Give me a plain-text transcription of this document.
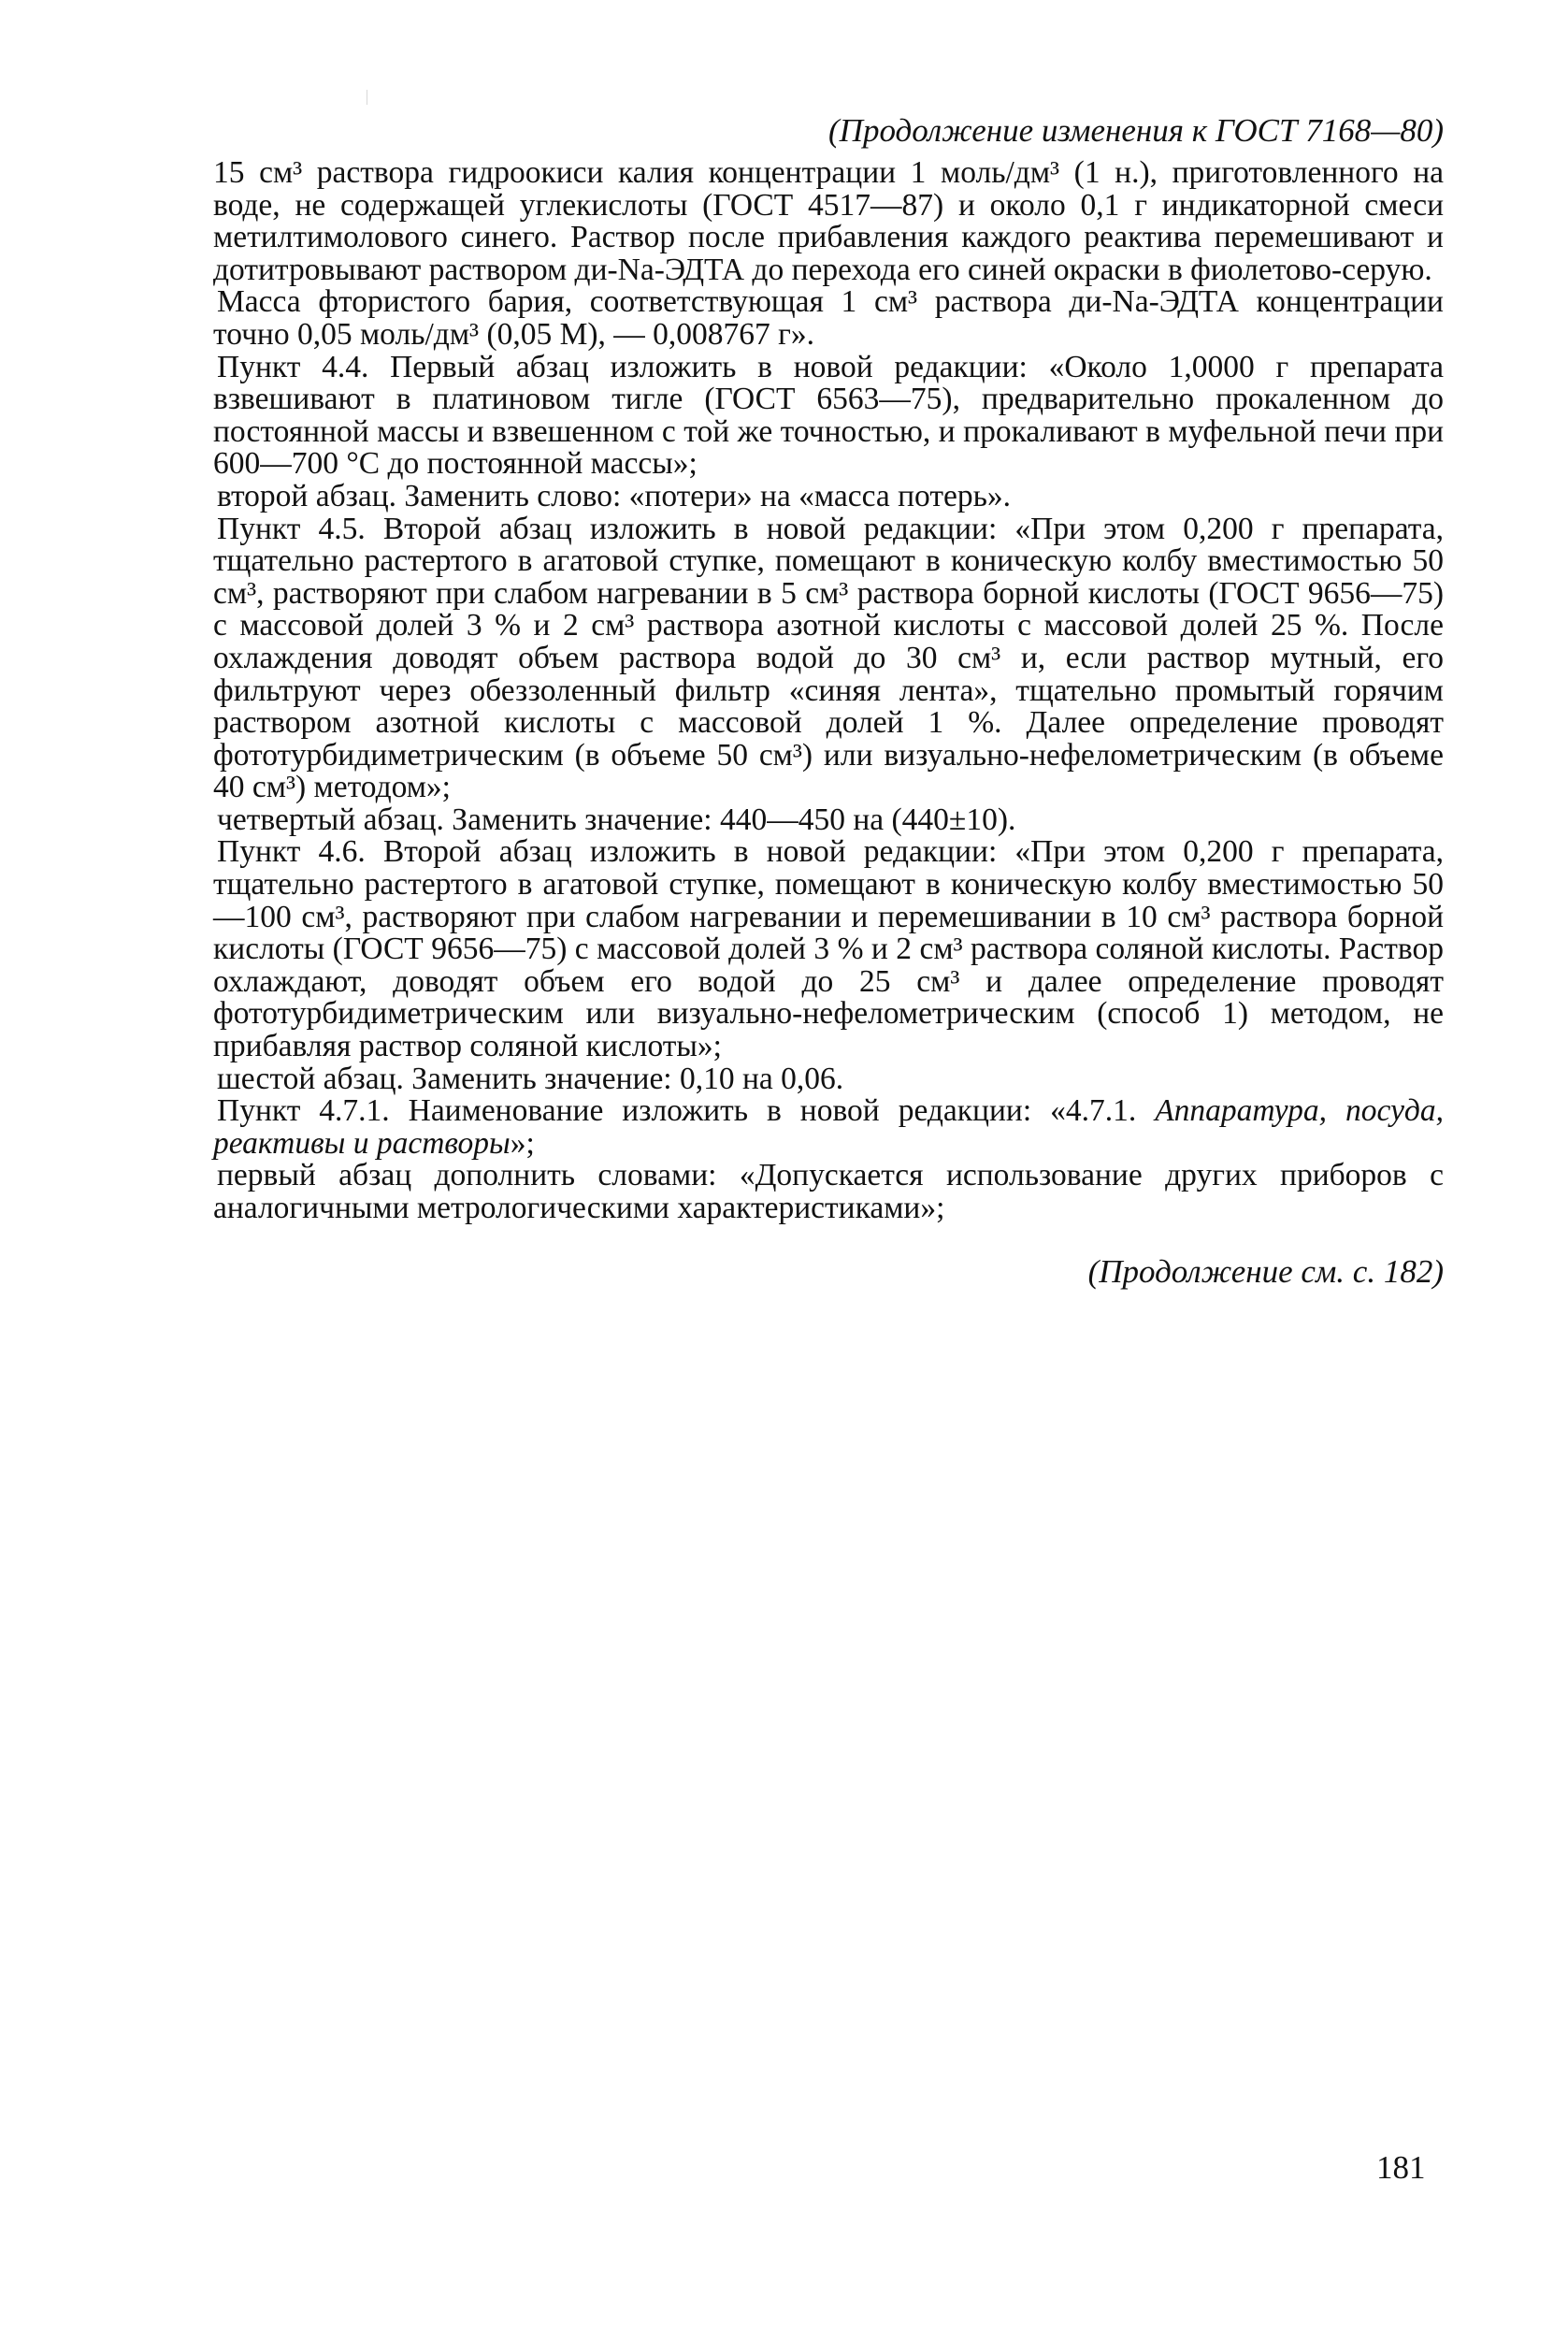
(Продолжение изменения к ГОСТ 7168—80)

15 см³ раствора гидроокиси калия концентрации 1 моль/дм³ (1 н.), приготовленного на воде, не содержащей углекислоты (ГОСТ 4517—87) и около 0,1 г индикаторной смеси метилтимолового синего. Раствор после прибавления каждого реактива перемешивают и дотитровывают раствором ди-Na-ЭДТА до перехода его синей окраски в фиолетово-серую.

Масса фтористого бария, соответствующая 1 см³ раствора ди-Na-ЭДТА концентрации точно 0,05 моль/дм³ (0,05 М), — 0,008767 г».

Пункт 4.4. Первый абзац изложить в новой редакции: «Около 1,0000 г препарата взвешивают в платиновом тигле (ГОСТ 6563—75), предварительно прокаленном до постоянной массы и взвешенном с той же точностью, и прокаливают в муфельной печи при 600—700 °С до постоянной массы»;

второй абзац. Заменить слово: «потери» на «масса потерь».

Пункт 4.5. Второй абзац изложить в новой редакции: «При этом 0,200 г препарата, тщательно растертого в агатовой ступке, помещают в коническую колбу вместимостью 50 см³, растворяют при слабом нагревании в 5 см³ раствора борной кислоты (ГОСТ 9656—75) с массовой долей 3 % и 2 см³ раствора азотной кислоты с массовой долей 25 %. После охлаждения доводят объем раствора водой до 30 см³ и, если раствор мутный, его фильтруют через обеззоленный фильтр «синяя лента», тщательно промытый горячим раствором азотной кислоты с массовой долей 1 %. Далее определение проводят фототурбидиметрическим (в объеме 50 см³) или визуально-нефелометрическим (в объеме 40 см³) методом»;

четвертый абзац. Заменить значение: 440—450 на (440±10).

Пункт 4.6. Второй абзац изложить в новой редакции: «При этом 0,200 г препарата, тщательно растертого в агатовой ступке, помещают в коническую колбу вместимостью 50—100 см³, растворяют при слабом нагревании и перемешивании в 10 см³ раствора борной кислоты (ГОСТ 9656—75) с массовой долей 3 % и 2 см³ раствора соляной кислоты. Раствор охлаждают, доводят объем его водой до 25 см³ и далее определение проводят фототурбидиметрическим или визуально-нефелометрическим (способ 1) методом, не прибавляя раствор соляной кислоты»;

шестой абзац. Заменить значение: 0,10 на 0,06.

Пункт 4.7.1. Наименование изложить в новой редакции: «4.7.1. Аппаратура, посуда, реактивы и растворы»;

первый абзац дополнить словами: «Допускается использование других приборов с аналогичными метрологическими характеристиками»;

(Продолжение см. с. 182)
181
